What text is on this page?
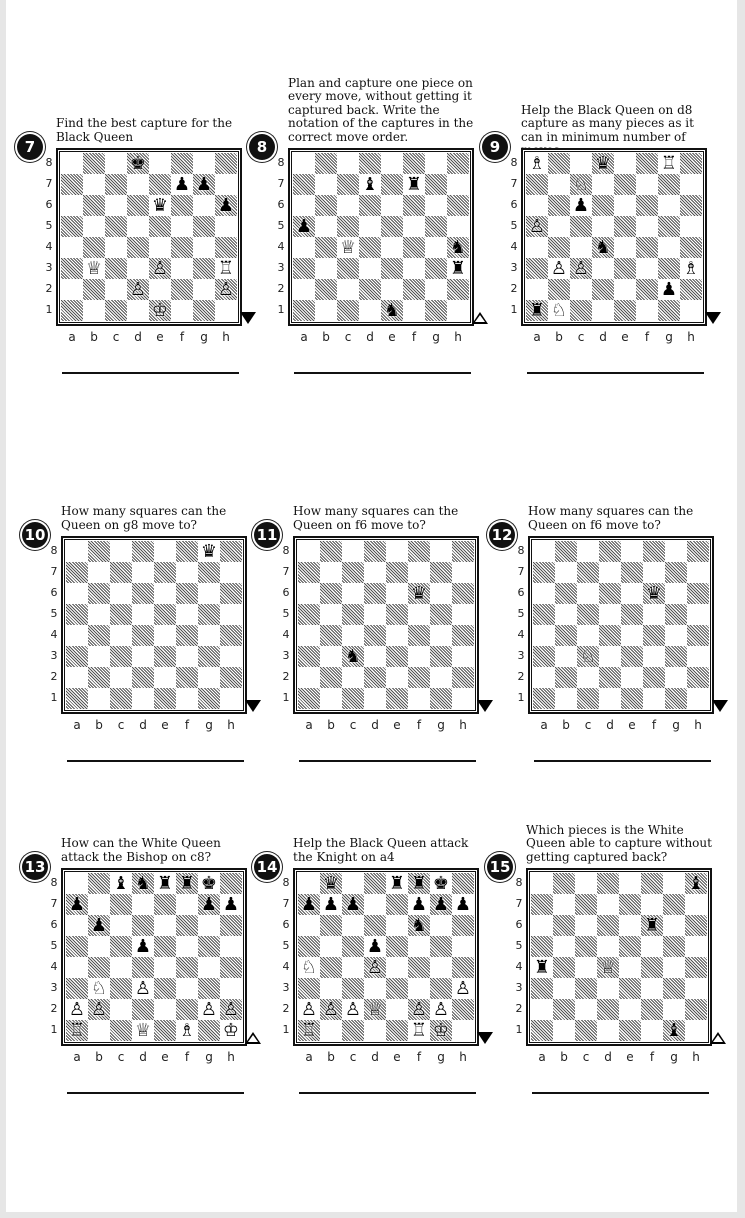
Find the best capture for the Black Queen
7
♚
♟ ♟
♛	♟
♕	♙	♖
♙	♙
♔
8
7
6
5
4
3
2
1
a	b	c	d	e	f	g	h
Plan and capture one piece on every move, without getting it captured back. Write the notation of the captures in the correct move order.
8
♝ ♜
♟
♕	♞
♜
♞
8
7
6
5
4
3
2
1
a	b	c	d	e	f	g	h
Help the Black Queen on d8 capture as many pieces as it can in minimum number of
9
♗	♛	♖
♘
♟
♙
♞
♙ ♙	♗
♟
♜ ♘
8
7
6
5
4
3
2
1
a	b	c	d	e	f	g	h
How many squares can the Queen on g8 move to?
10
♛
8
7
6
5
4
3
2
1
a	b	c	d	e	f	g	h
How many squares can the Queen on f6 move to?
11
♛
♞
8
7
6
5
4
3
2
1
a	b	c	d	e	f	g	h
How many squares can the Queen on f6 move to?
12
♛
♘
8
7
6
5
4
3
2
1
a	b	c	d	e	f	g	h
How can the White Queen attack the Bishop on c8?
13
♝ ♞ ♜ ♜ ♚
♟	♟ ♟
♟
♟
♘ ♙
♙ ♙	♙ ♙
♖	♕ ♗ ♔
8
7
6
5
4
3
2
1
a	b	c	d	e	f	g	h
Help the Black Queen attack the Knight on a4
14
♛	♜ ♜ ♚
♟ ♟ ♟	♟ ♟ ♟
♞
♟
♘	♙
♙
♙ ♙ ♙ ♕ ♙ ♙
♖	♖ ♔
8
7
6
5
4
3
2
1
a	b	c	d	e	f	g	h
Which pieces is the White Queen able to capture without getting captured back?
15
♝
♜
♜	♕
♝
8
7
6
5
4
3
2
1
a	b	c	d	e	f	g	h
